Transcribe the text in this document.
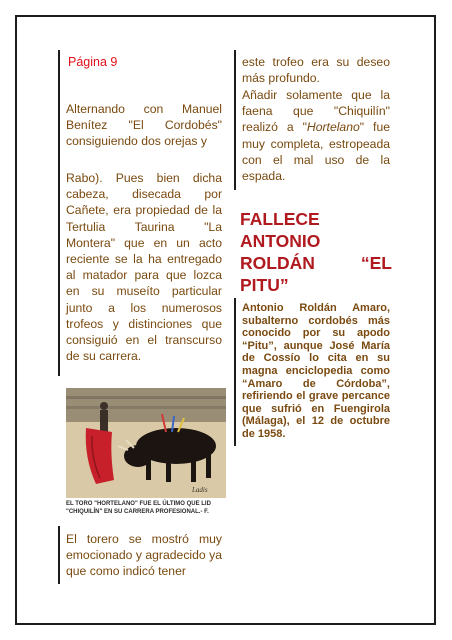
Página 9

Alternando con Manuel Benítez "El Cordobés" consiguiendo dos orejas y

Rabo). Pues bien dicha cabeza, disecada por Cañete, era propiedad de la Tertulia Taurina "La Montera" que en un acto reciente se la ha entregado al matador para que lozca en su museíto particular junto a los numerosos trofeos y distinciones que consiguió en el transcurso de su carrera.

Ladis

EL TORO "HORTELANO" FUE EL ÚLTIMO QUE LID
"CHIQUILÍN" EN SU CARRERA PROFESIONAL.- F.

El torero se mostró muy emocionado y agradecido ya que como indicó tener

este trofeo era su deseo más profundo.

Añadir solamente que la faena que "Chiquilín" realizó a "Hortelano" fue muy completa, estropeada con el mal uso de la espada.

FALLECE
ANTONIO
ROLDÁN	“EL
PITU”

Antonio Roldán Amaro, subalterno cordobés más conocido por su apodo “Pitu”, aunque José María de Cossío lo cita en su magna enciclopedia como “Amaro de Córdoba”, refiriendo el grave percance que sufrió en Fuengirola (Málaga), el 12 de octubre de 1958.
